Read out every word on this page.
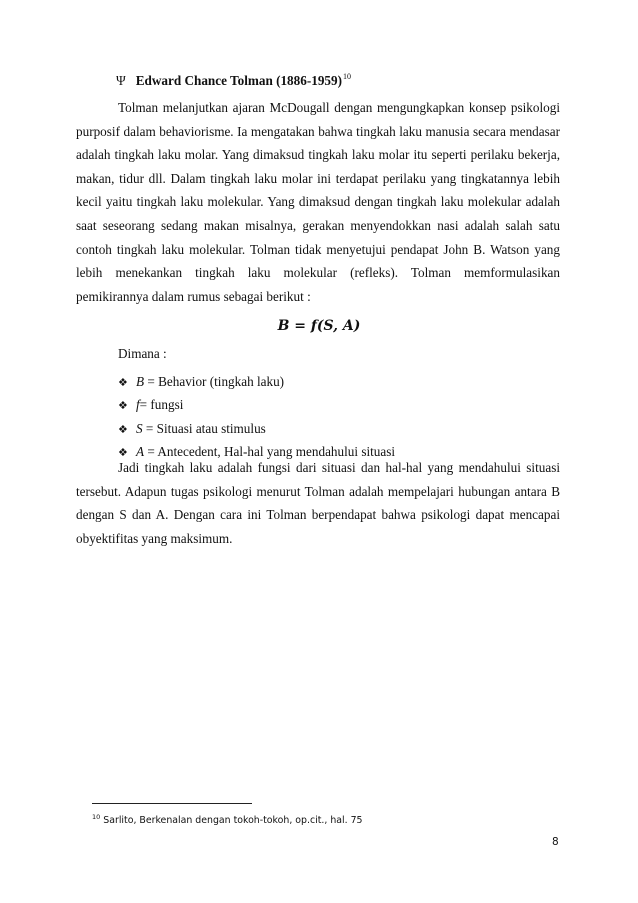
Ψ Edward Chance Tolman (1886-1959)$^{10}$

Tolman melanjutkan ajaran McDougall dengan mengungkapkan konsep psikologi purposif dalam behaviorisme. Ia mengatakan bahwa tingkah laku manusia secara mendasar adalah tingkah laku molar. Yang dimaksud tingkah laku molar itu seperti perilaku bekerja, makan, tidur dll. Dalam tingkah laku molar ini terdapat perilaku yang tingkatannya lebih kecil yaitu tingkah laku molekular. Yang dimaksud dengan tingkah laku molekular adalah saat seseorang sedang makan misalnya, gerakan menyendokkan nasi adalah salah satu contoh tingkah laku molekular. Tolman tidak menyetujui pendapat John B. Watson yang lebih menekankan tingkah laku molekular (refleks). Tolman memformulasikan pemikirannya dalam rumus sebagai berikut :

B = f(S, A)
Dimana :
❖ B = Behavior (tingkah laku)
❖ f= fungsi
❖ S = Situasi atau stimulus
❖ A = Antecedent, Hal-hal yang mendahului situasi

Jadi tingkah laku adalah fungsi dari situasi dan hal-hal yang mendahului situasi tersebut. Adapun tugas psikologi menurut Tolman adalah mempelajari hubungan antara B dengan S dan A. Dengan cara ini Tolman berpendapat bahwa psikologi dapat mencapai obyektifitas yang maksimum.

$^{10}$ Sarlito, Berkenalan dengan tokoh-tokoh, op.cit., hal. 75
8
